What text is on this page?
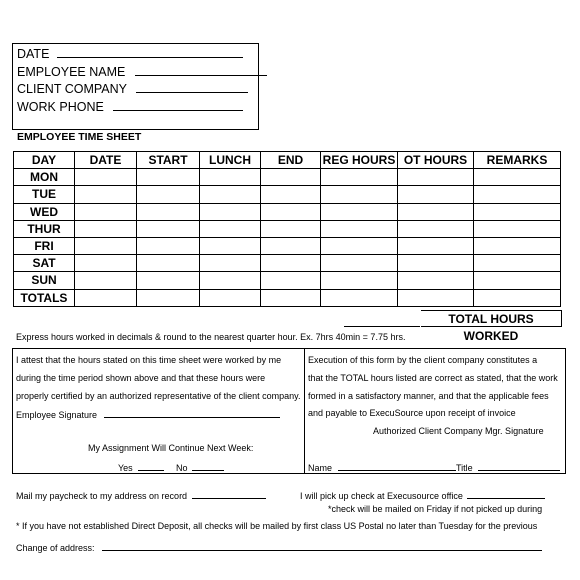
DATE
EMPLOYEE NAME
CLIENT COMPANY
WORK PHONE
EMPLOYEE TIME SHEET
DAY	DATE	START	LUNCH	END	REG HOURS	OT HOURS	REMARKS
MON							
TUE							
WED							
THUR							
FRI							
SAT							
SUN							
TOTALS							
TOTAL HOURS WORKED
Express hours worked in decimals & round to the nearest quarter hour. Ex. 7hrs 40min = 7.75 hrs.
I attest that the hours stated on this time sheet were worked by me
during the time period shown above and that these hours were
properly certified by an authorized representative of the client company.
Employee Signature
My Assignment Will Continue Next Week:
Yes	No
Execution of this form by the client company constitutes a
that the TOTAL hours listed are correct as stated, that the work
formed in a satisfactory manner, and that the applicable fees
and payable to ExecuSource upon receipt of invoice
Authorized Client Company Mgr. Signature
Name	Title
Mail my paycheck to my address on record	I will pick up check at Execusource office
*check will be mailed on Friday if not picked up during
* If you have not established Direct Deposit, all checks will be mailed by first class US Postal no later than Tuesday for the previous
Change of address:
